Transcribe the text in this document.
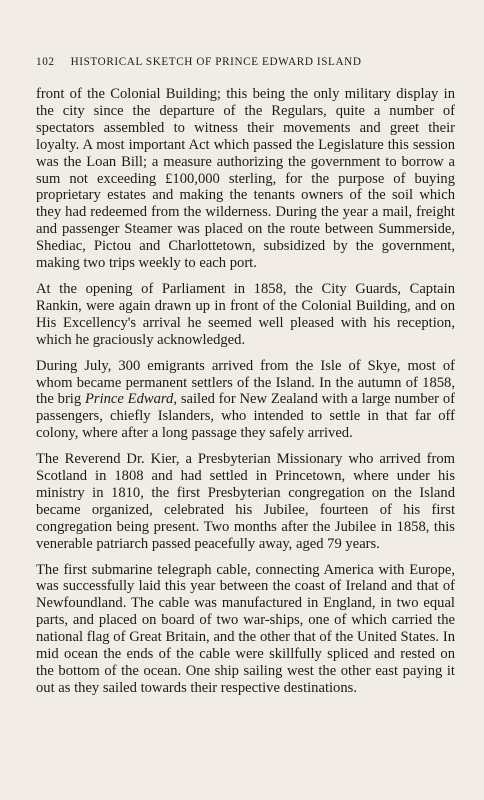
102 HISTORICAL SKETCH OF PRINCE EDWARD ISLAND

front of the Colonial Building; this being the only military display in the city since the departure of the Regulars, quite a number of spectators assembled to witness their movements and greet their loyalty. A most important Act which passed the Legislature this session was the Loan Bill; a measure authorizing the government to borrow a sum not exceeding £100,000 sterling, for the purpose of buying proprietary estates and making the tenants owners of the soil which they had redeemed from the wilderness. During the year a mail, freight and passenger Steamer was placed on the route between Summerside, Shediac, Pictou and Charlottetown, subsidized by the government, making two trips weekly to each port.

At the opening of Parliament in 1858, the City Guards, Captain Rankin, were again drawn up in front of the Colonial Building, and on His Excellency's arrival he seemed well pleased with his reception, which he graciously acknowledged.

During July, 300 emigrants arrived from the Isle of Skye, most of whom became permanent settlers of the Island. In the autumn of 1858, the brig Prince Edward, sailed for New Zealand with a large number of passengers, chiefly Islanders, who intended to settle in that far off colony, where after a long passage they safely arrived.

The Reverend Dr. Kier, a Presbyterian Missionary who arrived from Scotland in 1808 and had settled in Princetown, where under his ministry in 1810, the first Presbyterian congregation on the Island became organized, celebrated his Jubilee, fourteen of his first congregation being present. Two months after the Jubilee in 1858, this venerable patriarch passed peacefully away, aged 79 years.

The first submarine telegraph cable, connecting America with Europe, was successfully laid this year between the coast of Ireland and that of Newfoundland. The cable was manufactured in England, in two equal parts, and placed on board of two war-ships, one of which carried the national flag of Great Britain, and the other that of the United States. In mid ocean the ends of the cable were skillfully spliced and rested on the bottom of the ocean. One ship sailing west the other east paying it out as they sailed towards their respective destinations.
